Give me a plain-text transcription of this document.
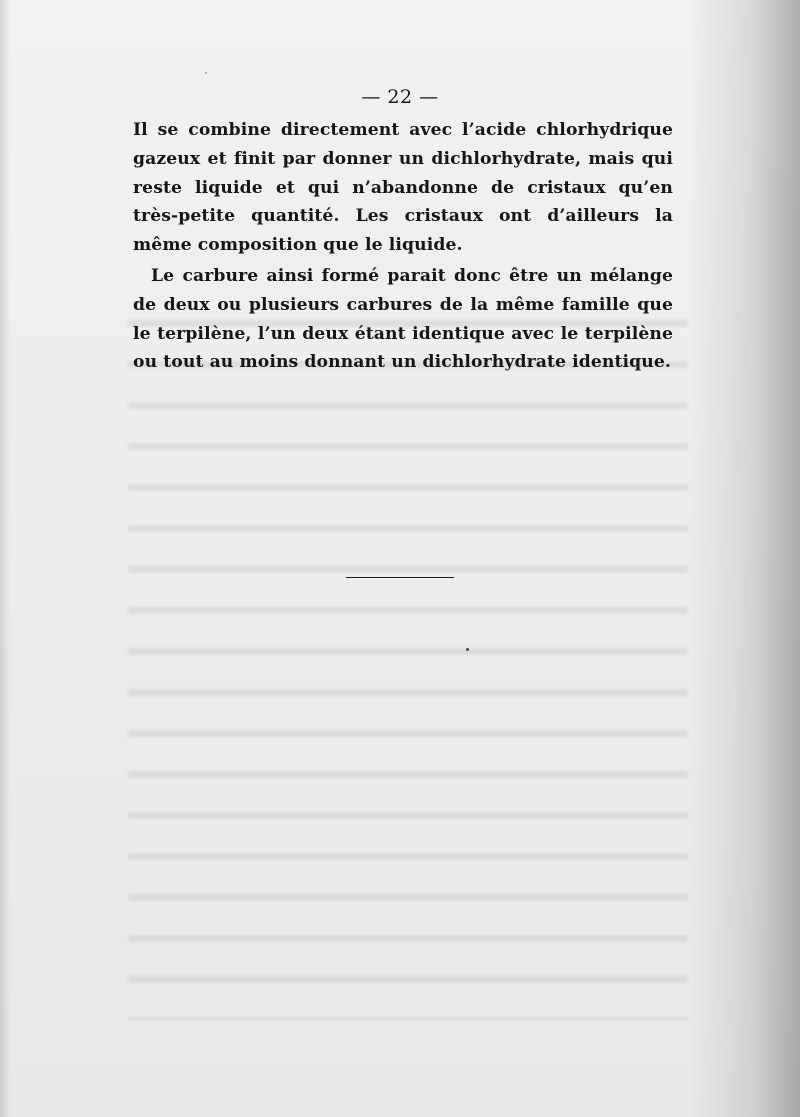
— 22 —

Il se combine directement avec l’acide chlorhydrique gazeux et finit par donner un dichlorhydrate, mais qui reste liquide et qui n’abandonne de cristaux qu’en très-petite quantité. Les cristaux ont d’ailleurs la même composition que le liquide.

Le carbure ainsi formé parait donc être un mélange de deux ou plusieurs carbures de la même famille que le terpilène, l’un deux étant identique avec le terpilène ou tout au moins donnant un dichlorhydrate identique.
